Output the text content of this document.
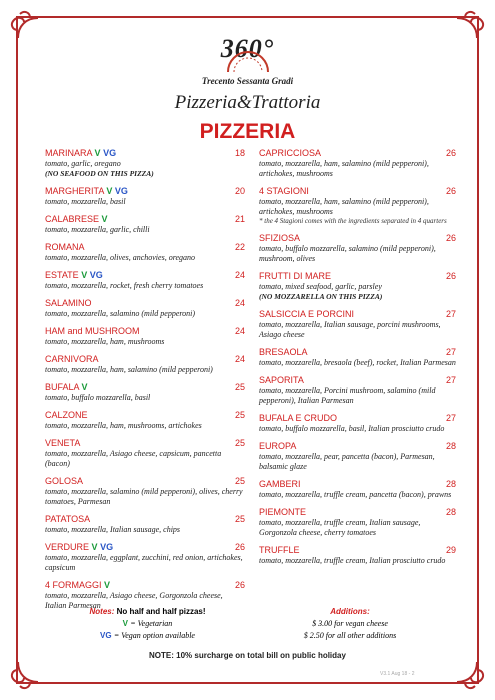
360°
Trecento Sessanta Gradi
Pizzeria&Trattoria
PIZZERIA
MARINARA V VG	18
tomato, garlic, oregano
(NO SEAFOOD ON THIS PIZZA)
MARGHERITA V VG	20
tomato, mozzarella, basil
CALABRESE V	21
tomato, mozzarella, garlic, chilli
ROMANA	22
tomato, mozzarella, olives, anchovies, oregano
ESTATE V VG	24
tomato, mozzarella, rocket, fresh cherry tomatoes
SALAMINO	24
tomato, mozzarella, salamino (mild pepperoni)
HAM and MUSHROOM	24
tomato, mozzarella, ham, mushrooms
CARNIVORA	24
tomato, mozzarella, ham, salamino (mild pepperoni)
BUFALA V	25
tomato, buffalo mozzarella, basil
CALZONE	25
tomato, mozzarella, ham, mushrooms, artichokes
VENETA	25
tomato, mozzarella, Asiago cheese, capsicum, pancetta (bacon)
GOLOSA	25
tomato, mozzarella, salamino (mild pepperoni), olives, cherry tomatoes, Parmesan
PATATOSA	25
tomato, mozzarella, Italian sausage, chips
VERDURE V VG	26
tomato, mozzarella, eggplant, zucchini, red onion, artichokes, capsicum
4 FORMAGGI V	26
tomato, mozzarella, Asiago cheese, Gorgonzola cheese, Italian Parmesan
CAPRICCIOSA	26
tomato, mozzarella, ham, salamino (mild pepperoni), artichokes, mushrooms
4 STAGIONI	26
tomato, mozzarella, ham, salamino (mild pepperoni), artichokes, mushrooms
* the 4 Stagioni comes with the ingredients separated in 4 quarters
SFIZIOSA	26
tomato, buffalo mozzarella, salamino (mild pepperoni), mushroom, olives
FRUTTI DI MARE	26
tomato, mixed seafood, garlic, parsley
(NO MOZZARELLA ON THIS PIZZA)
SALSICCIA E PORCINI	27
tomato, mozzarella, Italian sausage, porcini mushrooms, Asiago cheese
BRESAOLA	27
tomato, mozzarella, bresaola (beef), rocket, Italian Parmesan
SAPORITA	27
tomato, mozzarella, Porcini mushroom, salamino (mild pepperoni), Italian Parmesan
BUFALA E CRUDO	27
tomato, buffalo mozzarella, basil, Italian prosciutto crudo
EUROPA	28
tomato, mozzarella, pear, pancetta (bacon), Parmesan, balsamic glaze
GAMBERI	28
tomato, mozzarella, truffle cream, pancetta (bacon), prawns
PIEMONTE	28
tomato, mozzarella, truffle cream, Italian sausage, Gorgonzola cheese, cherry tomatoes
TRUFFLE	29
tomato, mozzarella, truffle cream, Italian prosciutto crudo
Notes: No half and half pizzas!
V = Vegetarian
VG = Vegan option available
Additions:
$ 3.00 for vegan cheese
$ 2.50 for all other additions
NOTE: 10% surcharge on total bill on public holiday
V3.1 Aug 18 - 2
